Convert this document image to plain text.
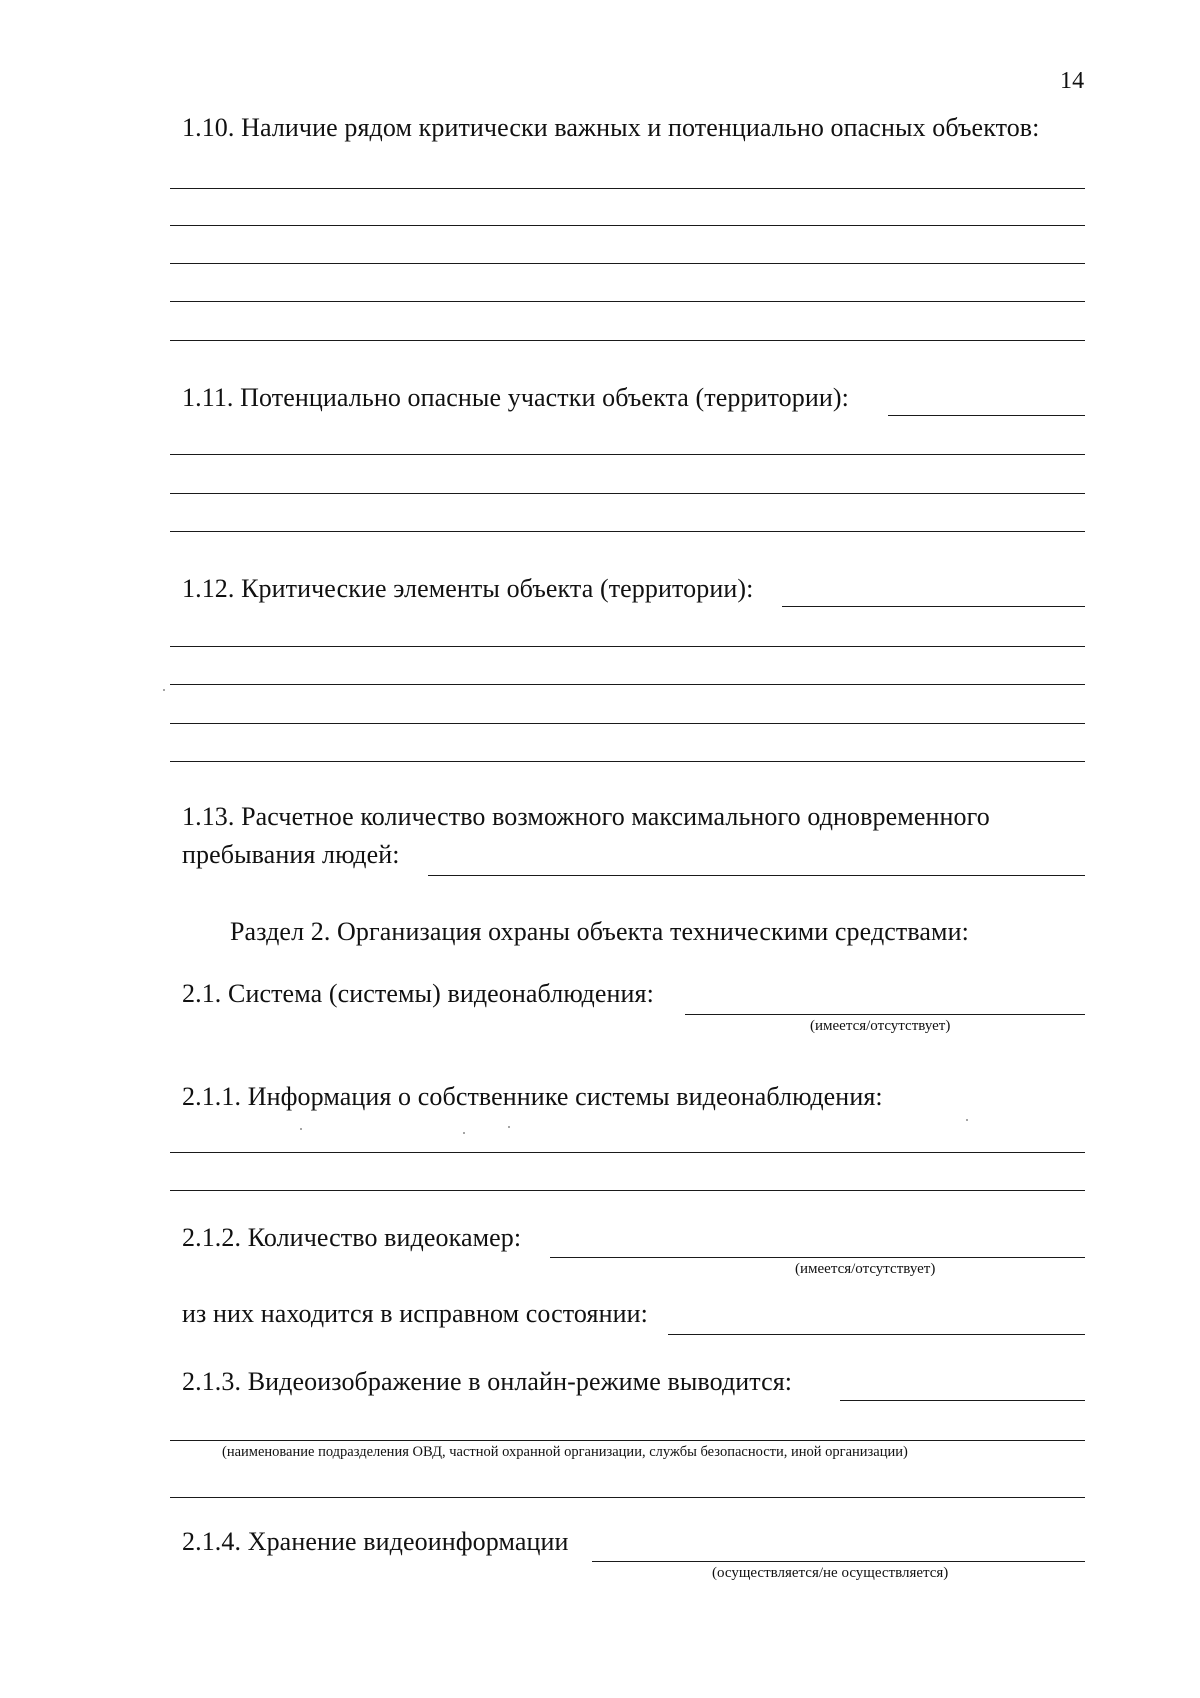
14
1.10. Наличие рядом критически важных и потенциально опасных объектов:
1.11. Потенциально опасные участки объекта (территории):
1.12. Критические элементы объекта (территории):
1.13. Расчетное количество возможного максимального одновременного
пребывания людей:
Раздел 2. Организация охраны объекта техническими средствами:
2.1. Система (системы) видеонаблюдения:
(имеется/отсутствует)
2.1.1. Информация о собственнике системы видеонаблюдения:
2.1.2. Количество видеокамер:
(имеется/отсутствует)
из них находится в исправном состоянии:
2.1.3. Видеоизображение в онлайн-режиме выводится:
(наименование подразделения ОВД, частной охранной организации, службы безопасности, иной организации)
2.1.4. Хранение видеоинформации
(осуществляется/не осуществляется)
